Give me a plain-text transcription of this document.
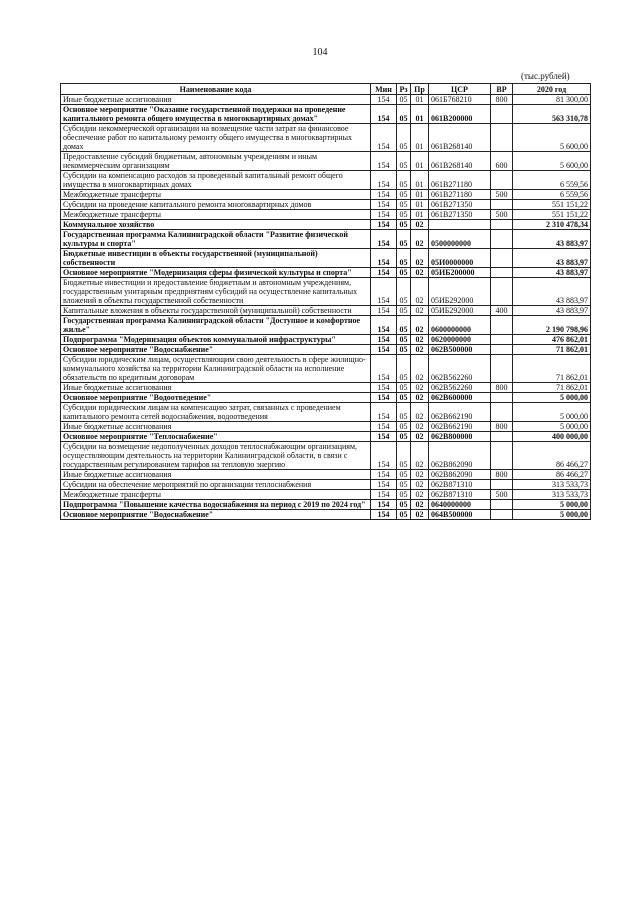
104
(тыс.рублей)
Наименование кода	Мин	Рз	Пр	ЦСР	ВР	2020 год
Иные бюджетные ассигнования	154	05	01	061Б768210	800	81 300,00
Основное мероприятие "Оказание государственной поддержки на проведение капитального ремонта общего имущества в многоквартирных домах"	154	05	01	061В200000		563 310,78
Субсидии некоммерческой организации на возмещение части затрат на финансовое обеспечение работ по капитальному ремонту общего имущества в многоквартирных домах	154	05	01	061В268140		5 600,00
Предоставление субсидий бюджетным, автономным учреждениям и иным некоммерческим организациям	154	05	01	061В268140	600	5 600,00
Субсидии на компенсацию расходов за проведенный капитальный ремонт общего имущества в многоквартирных домах	154	05	01	061В271180		6 559,56
Межбюджетные трансферты	154	05	01	061В271180	500	6 559,56
Субсидии на проведение капитального ремонта многоквартирных домов	154	05	01	061В271350		551 151,22
Межбюджетные трансферты	154	05	01	061В271350	500	551 151,22
Коммунальное хозяйство	154	05	02			2 310 478,34
Государственная программа Калининградской области "Развитие физической культуры и спорта"	154	05	02	0500000000		43 883,97
Бюджетные инвестиции в объекты государственной (муниципальной) собственности	154	05	02	05И0000000		43 883,97
Основное мероприятие "Модернизация сферы физической культуры и спорта"	154	05	02	05ИБ200000		43 883,97
Бюджетные инвестиции и предоставление бюджетным и автономным учреждениям, государственным унитарным предприятиям субсидий на осуществление капитальных вложений в объекты государственной собственности	154	05	02	05ИБ292000		43 883,97
Капитальные вложения в объекты государственной (муниципальной) собственности	154	05	02	05ИБ292000	400	43 883,97
Государственная программа Калининградской области "Доступное и комфортное жилье"	154	05	02	0600000000		2 190 798,96
Подпрограмма "Модернизация объектов коммунальной инфраструктуры"	154	05	02	0620000000		476 862,01
Основное мероприятие "Водоснабжение"	154	05	02	062В500000		71 862,01
Субсидии юридическим лицам, осуществляющим свою деятельность в сфере жилищно-коммунального хозяйства на территории Калининградской области на исполнение обязательств по кредитным договорам	154	05	02	062В562260		71 862,01
Иные бюджетные ассигнования	154	05	02	062В562260	800	71 862,01
Основное мероприятие "Водоотведение"	154	05	02	062В600000		5 000,00
Субсидии юридическим лицам на компенсацию затрат, связанных с проведением капитального ремонта сетей водоснабжения, водоотведения	154	05	02	062В662190		5 000,00
Иные бюджетные ассигнования	154	05	02	062В662190	800	5 000,00
Основное мероприятие "Теплоснабжение"	154	05	02	062В800000		400 000,00
Субсидии на возмещение недополученных доходов теплоснабжающим организациям, осуществляющим деятельность на территории Калининградской области, в связи с государственным регулированием тарифов на тепловую энергию	154	05	02	062В862090		86 466,27
Иные бюджетные ассигнования	154	05	02	062В862090	800	86 466,27
Субсидии на обеспечение мероприятий по организации теплоснабжения	154	05	02	062В871310		313 533,73
Межбюджетные трансферты	154	05	02	062В871310	500	313 533,73
Подпрограмма "Повышение качества водоснабжения на период с 2019 по 2024 год"	154	05	02	0640000000		5 000,00
Основное мероприятие "Водоснабжение"	154	05	02	064В500000		5 000,00
